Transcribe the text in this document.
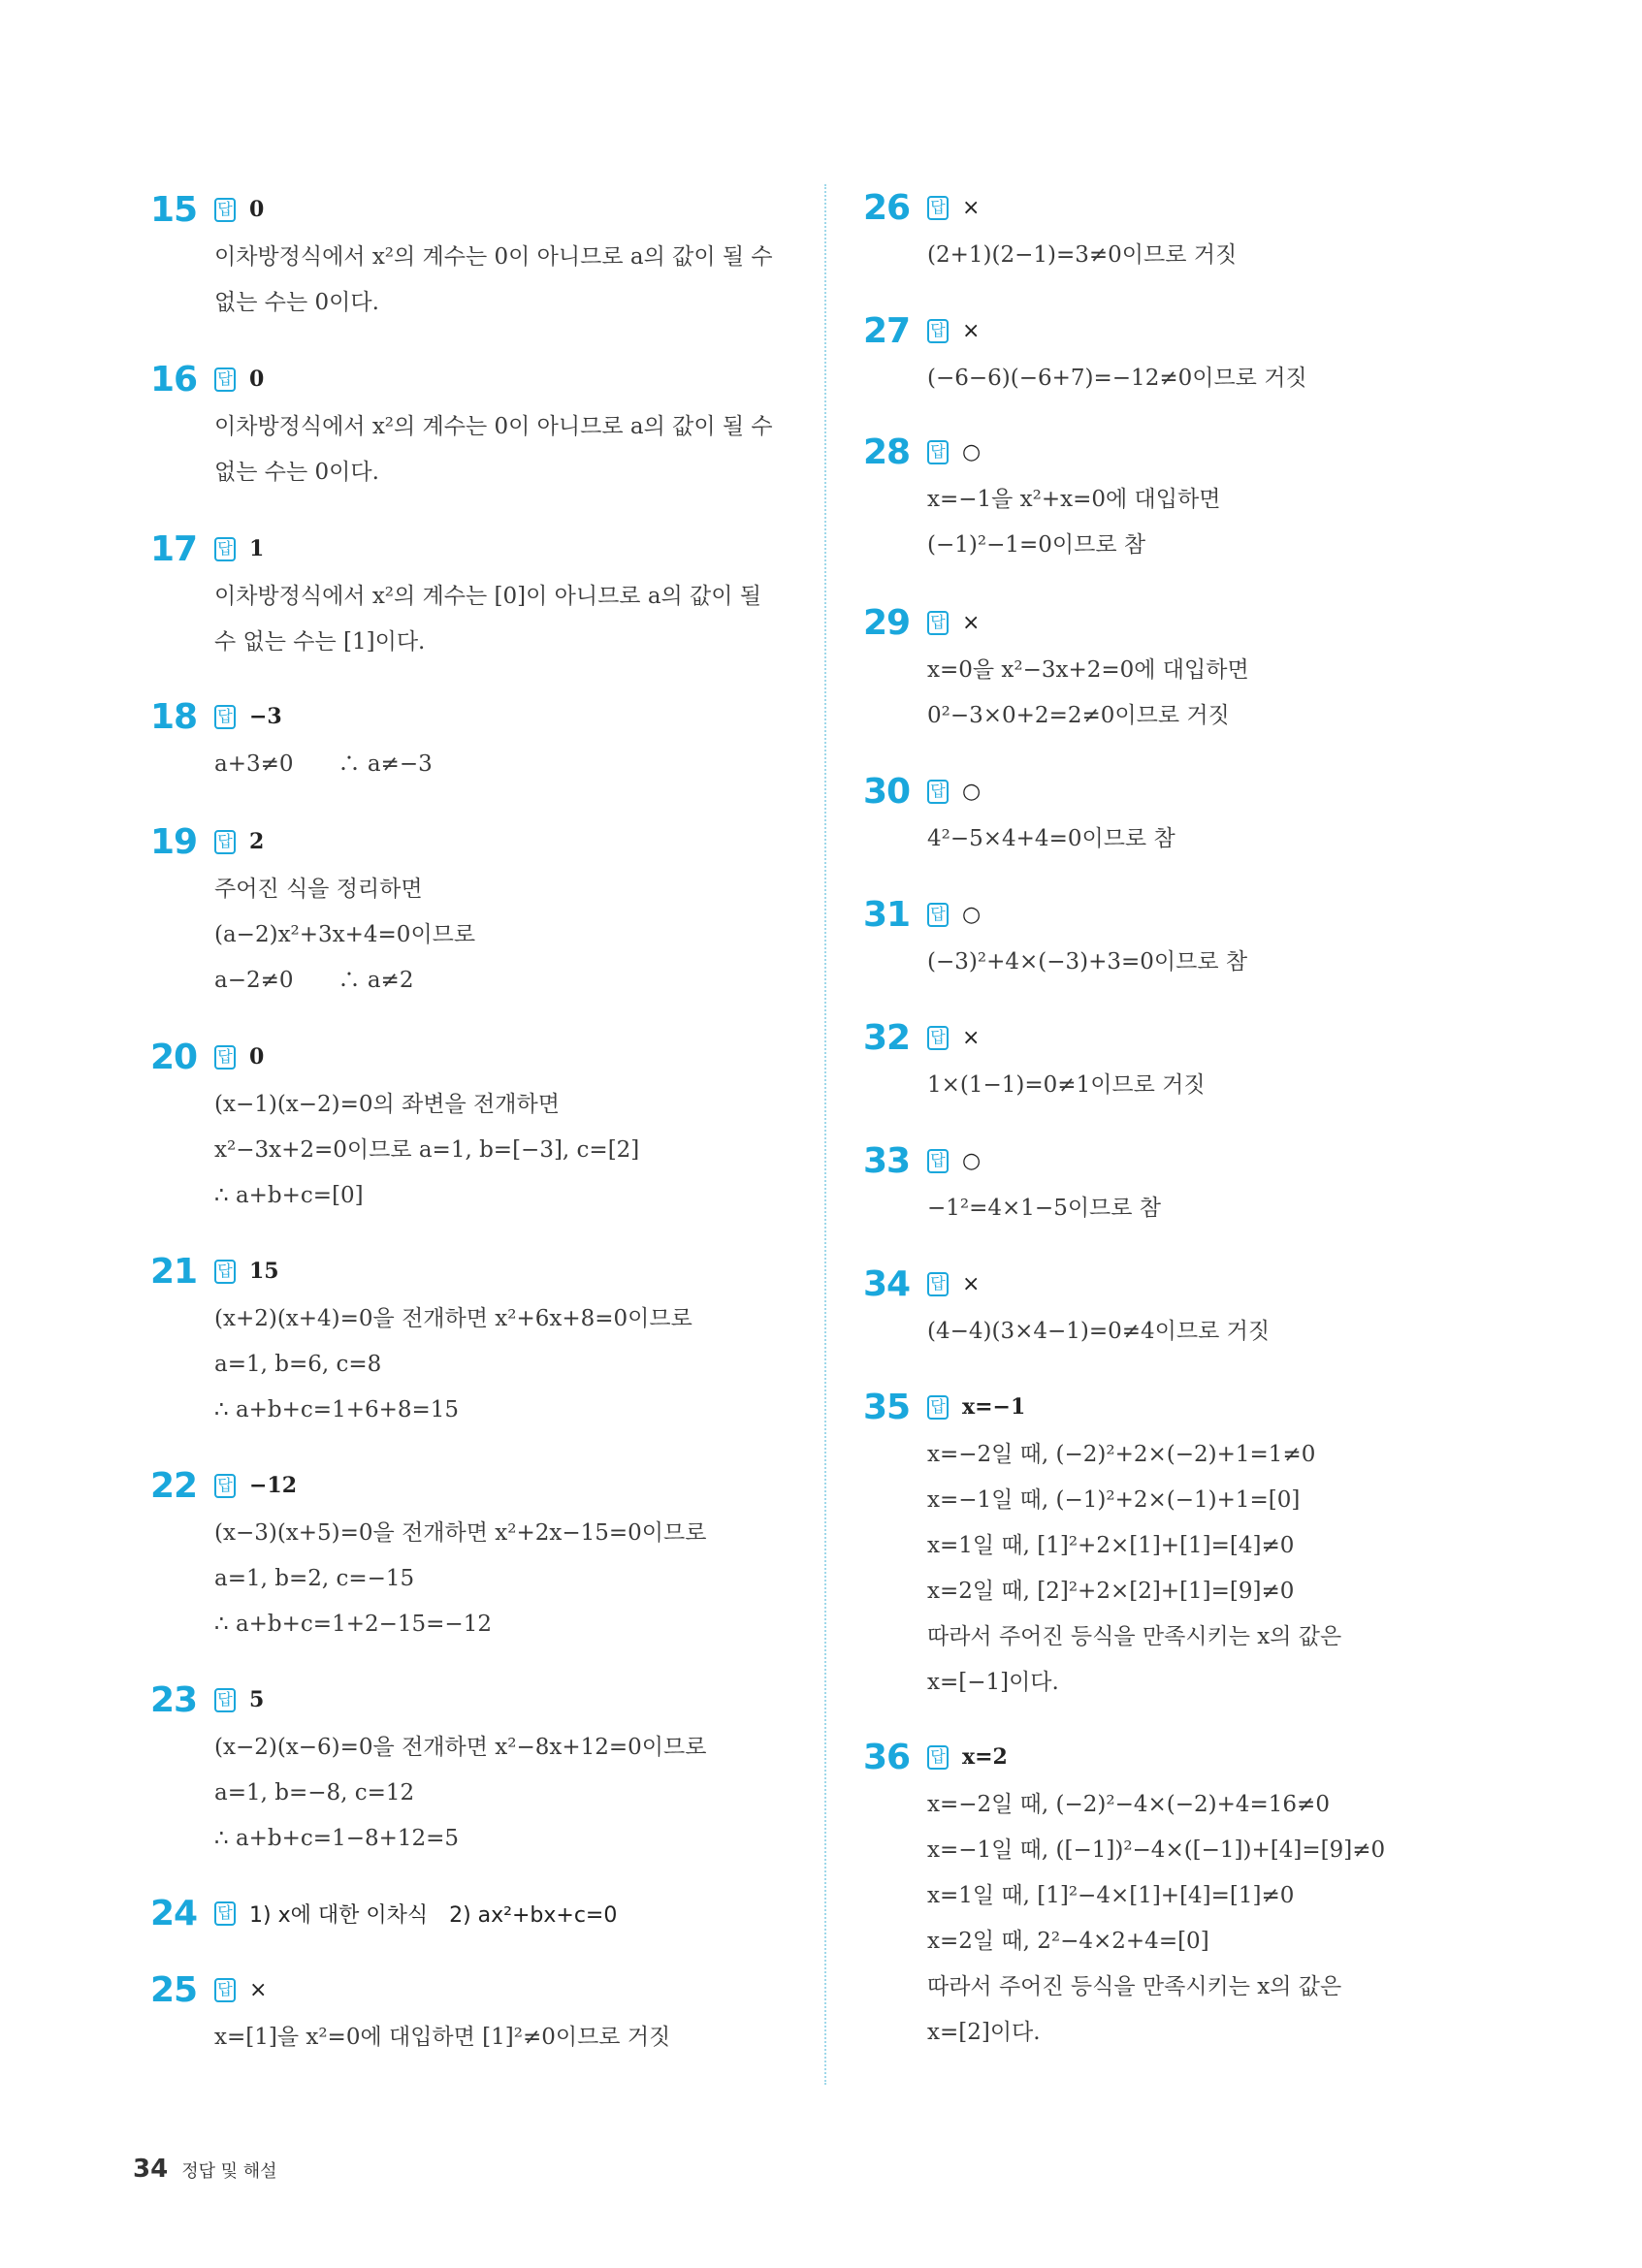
15	답 0
이차방정식에서 x²의 계수는 0이 아니므로 a의 값이 될 수
없는 수는 0이다.
16	답 0
이차방정식에서 x²의 계수는 0이 아니므로 a의 값이 될 수
없는 수는 0이다.
17	답 1
이차방정식에서 x²의 계수는 [0]이 아니므로 a의 값이 될
수 없는 수는 [1]이다.
18	답 −3
a+3≠0　　∴ a≠−3
19	답 2
주어진 식을 정리하면
(a−2)x²+3x+4=0이므로
a−2≠0　　∴ a≠2
20	답 0
(x−1)(x−2)=0의 좌변을 전개하면
x²−3x+2=0이므로 a=1, b=[−3], c=[2]
∴ a+b+c=[0]
21	답 15
(x+2)(x+4)=0을 전개하면 x²+6x+8=0이므로
a=1, b=6, c=8
∴ a+b+c=1+6+8=15
22	답 −12
(x−3)(x+5)=0을 전개하면 x²+2x−15=0이므로
a=1, b=2, c=−15
∴ a+b+c=1+2−15=−12
23	답 5
(x−2)(x−6)=0을 전개하면 x²−8x+12=0이므로
a=1, b=−8, c=12
∴ a+b+c=1−8+12=5
24	답 1) x에 대한 이차식　2) ax²+bx+c=0
25	답 ×
x=[1]을 x²=0에 대입하면 [1]²≠0이므로 거짓
26	답 ×
(2+1)(2−1)=3≠0이므로 거짓
27	답 ×
(−6−6)(−6+7)=−12≠0이므로 거짓
28	답 ○
x=−1을 x²+x=0에 대입하면
(−1)²−1=0이므로 참
29	답 ×
x=0을 x²−3x+2=0에 대입하면
0²−3×0+2=2≠0이므로 거짓
30	답 ○
4²−5×4+4=0이므로 참
31	답 ○
(−3)²+4×(−3)+3=0이므로 참
32	답 ×
1×(1−1)=0≠1이므로 거짓
33	답 ○
−1²=4×1−5이므로 참
34	답 ×
(4−4)(3×4−1)=0≠4이므로 거짓
35	답 x=−1
x=−2일 때, (−2)²+2×(−2)+1=1≠0
x=−1일 때, (−1)²+2×(−1)+1=[0]
x=1일 때, [1]²+2×[1]+[1]=[4]≠0
x=2일 때, [2]²+2×[2]+[1]=[9]≠0
따라서 주어진 등식을 만족시키는 x의 값은
x=[−1]이다.
36	답 x=2
x=−2일 때, (−2)²−4×(−2)+4=16≠0
x=−1일 때, ([−1])²−4×([−1])+[4]=[9]≠0
x=1일 때, [1]²−4×[1]+[4]=[1]≠0
x=2일 때, 2²−4×2+4=[0]
따라서 주어진 등식을 만족시키는 x의 값은
x=[2]이다.
34 정답 및 해설
